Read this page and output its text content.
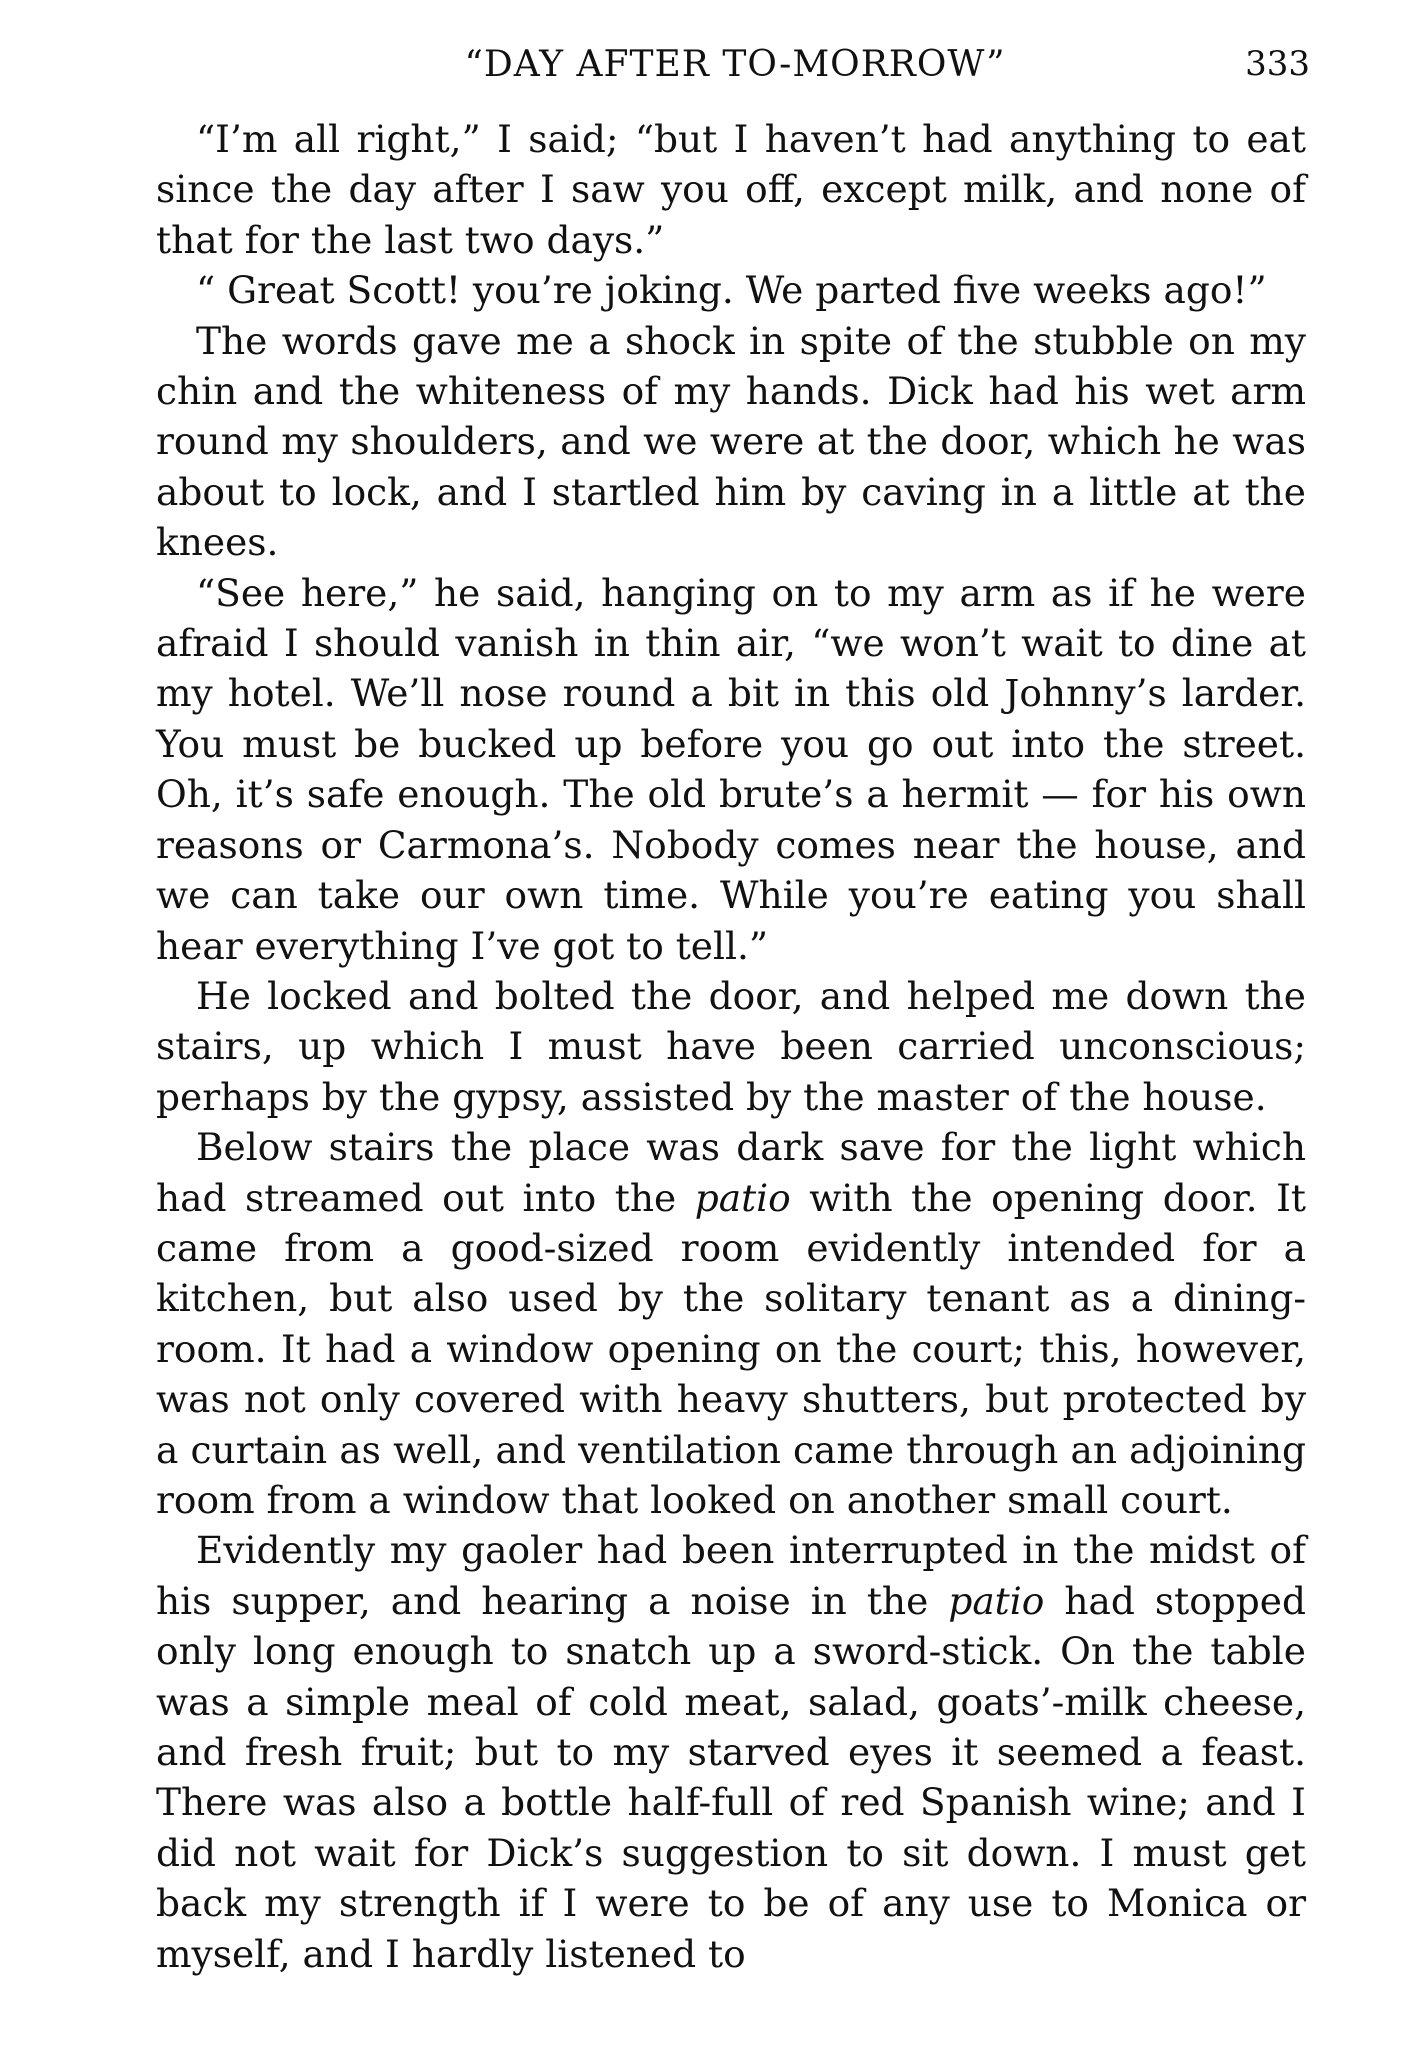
“DAY AFTER TO-MORROW”	333

“I’m all right,” I said; “but I haven’t had anything to eat since the day after I saw you off, except milk, and none of that for the last two days.”

“ Great Scott! you’re joking. We parted five weeks ago!”

The words gave me a shock in spite of the stubble on my chin and the whiteness of my hands. Dick had his wet arm round my shoulders, and we were at the door, which he was about to lock, and I startled him by caving in a little at the knees.

“See here,” he said, hanging on to my arm as if he were afraid I should vanish in thin air, “we won’t wait to dine at my hotel. We’ll nose round a bit in this old Johnny’s larder. You must be bucked up before you go out into the street. Oh, it’s safe enough. The old brute’s a hermit — for his own reasons or Carmona’s. Nobody comes near the house, and we can take our own time. While you’re eating you shall hear everything I’ve got to tell.”

He locked and bolted the door, and helped me down the stairs, up which I must have been carried unconscious; perhaps by the gypsy, assisted by the master of the house.

Below stairs the place was dark save for the light which had streamed out into the patio with the opening door. It came from a good-sized room evidently intended for a kitchen, but also used by the solitary tenant as a dining-room. It had a window opening on the court; this, however, was not only covered with heavy shutters, but protected by a curtain as well, and ventilation came through an adjoining room from a window that looked on another small court.

Evidently my gaoler had been interrupted in the midst of his supper, and hearing a noise in the patio had stopped only long enough to snatch up a sword-stick. On the table was a simple meal of cold meat, salad, goats’-milk cheese, and fresh fruit; but to my starved eyes it seemed a feast. There was also a bottle half-full of red Spanish wine; and I did not wait for Dick’s suggestion to sit down. I must get back my strength if I were to be of any use to Monica or myself, and I hardly listened to
